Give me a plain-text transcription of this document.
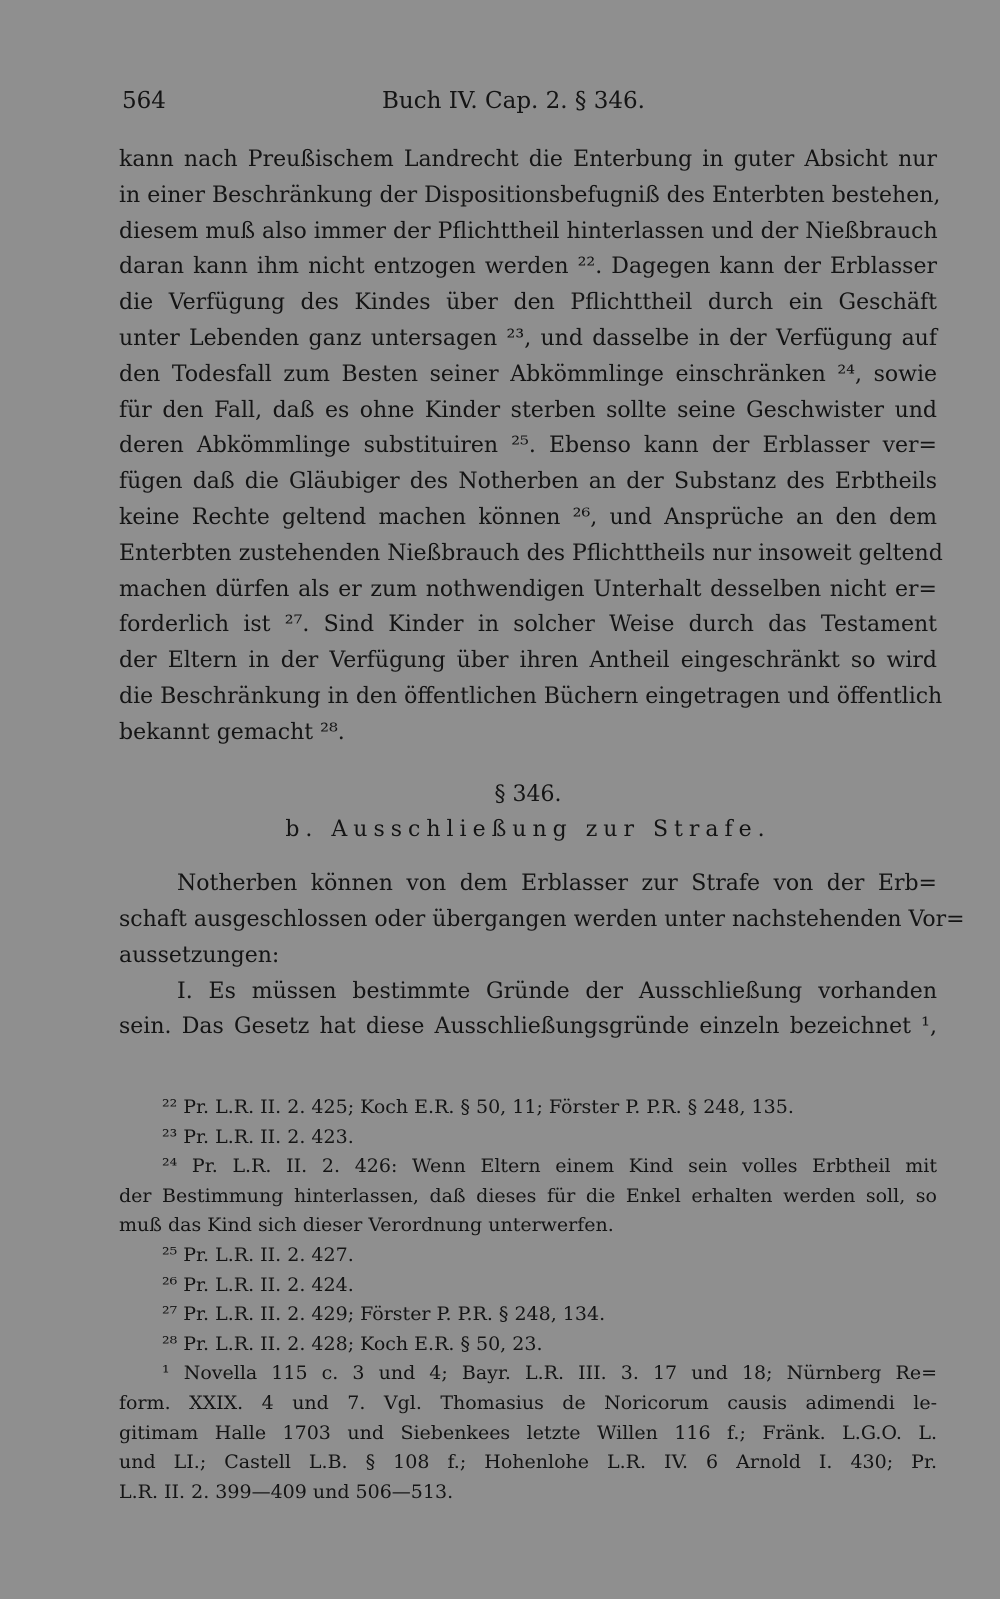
564	Buch IV. Cap. 2. § 346.
kann nach Preußischem Landrecht die Enterbung in guter Absicht nur
in einer Beschränkung der Dispositionsbefugniß des Enterbten bestehen,
diesem muß also immer der Pflichttheil hinterlassen und der Nießbrauch
daran kann ihm nicht entzogen werden ²². Dagegen kann der Erblasser
die Verfügung des Kindes über den Pflichttheil durch ein Geschäft
unter Lebenden ganz untersagen ²³, und dasselbe in der Verfügung auf
den Todesfall zum Besten seiner Abkömmlinge einschränken ²⁴, sowie
für den Fall, daß es ohne Kinder sterben sollte seine Geschwister und
deren Abkömmlinge substituiren ²⁵. Ebenso kann der Erblasser ver=
fügen daß die Gläubiger des Notherben an der Substanz des Erbtheils
keine Rechte geltend machen können ²⁶, und Ansprüche an den dem
Enterbten zustehenden Nießbrauch des Pflichttheils nur insoweit geltend
machen dürfen als er zum nothwendigen Unterhalt desselben nicht er=
forderlich ist ²⁷. Sind Kinder in solcher Weise durch das Testament
der Eltern in der Verfügung über ihren Antheil eingeschränkt so wird
die Beschränkung in den öffentlichen Büchern eingetragen und öffentlich
bekannt gemacht ²⁸.
§ 346.
b. Ausschließung zur Strafe.
Notherben können von dem Erblasser zur Strafe von der Erb=
schaft ausgeschlossen oder übergangen werden unter nachstehenden Vor=
aussetzungen:
I. Es müssen bestimmte Gründe der Ausschließung vorhanden
sein. Das Gesetz hat diese Ausschließungsgründe einzeln bezeichnet ¹,
²² Pr. L.R. II. 2. 425; Koch E.R. § 50, 11; Förster P. P.R. § 248, 135.
²³ Pr. L.R. II. 2. 423.
²⁴ Pr. L.R. II. 2. 426: Wenn Eltern einem Kind sein volles Erbtheil mit
der Bestimmung hinterlassen, daß dieses für die Enkel erhalten werden soll, so
muß das Kind sich dieser Verordnung unterwerfen.
²⁵ Pr. L.R. II. 2. 427.
²⁶ Pr. L.R. II. 2. 424.
²⁷ Pr. L.R. II. 2. 429; Förster P. P.R. § 248, 134.
²⁸ Pr. L.R. II. 2. 428; Koch E.R. § 50, 23.
¹ Novella 115 c. 3 und 4; Bayr. L.R. III. 3. 17 und 18; Nürnberg Re=
form. XXIX. 4 und 7. Vgl. Thomasius de Noricorum causis adimendi le-
gitimam Halle 1703 und Siebenkees letzte Willen 116 f.; Fränk. L.G.O. L.
und LI.; Castell L.B. § 108 f.; Hohenlohe L.R. IV. 6 Arnold I. 430; Pr.
L.R. II. 2. 399—409 und 506—513.
